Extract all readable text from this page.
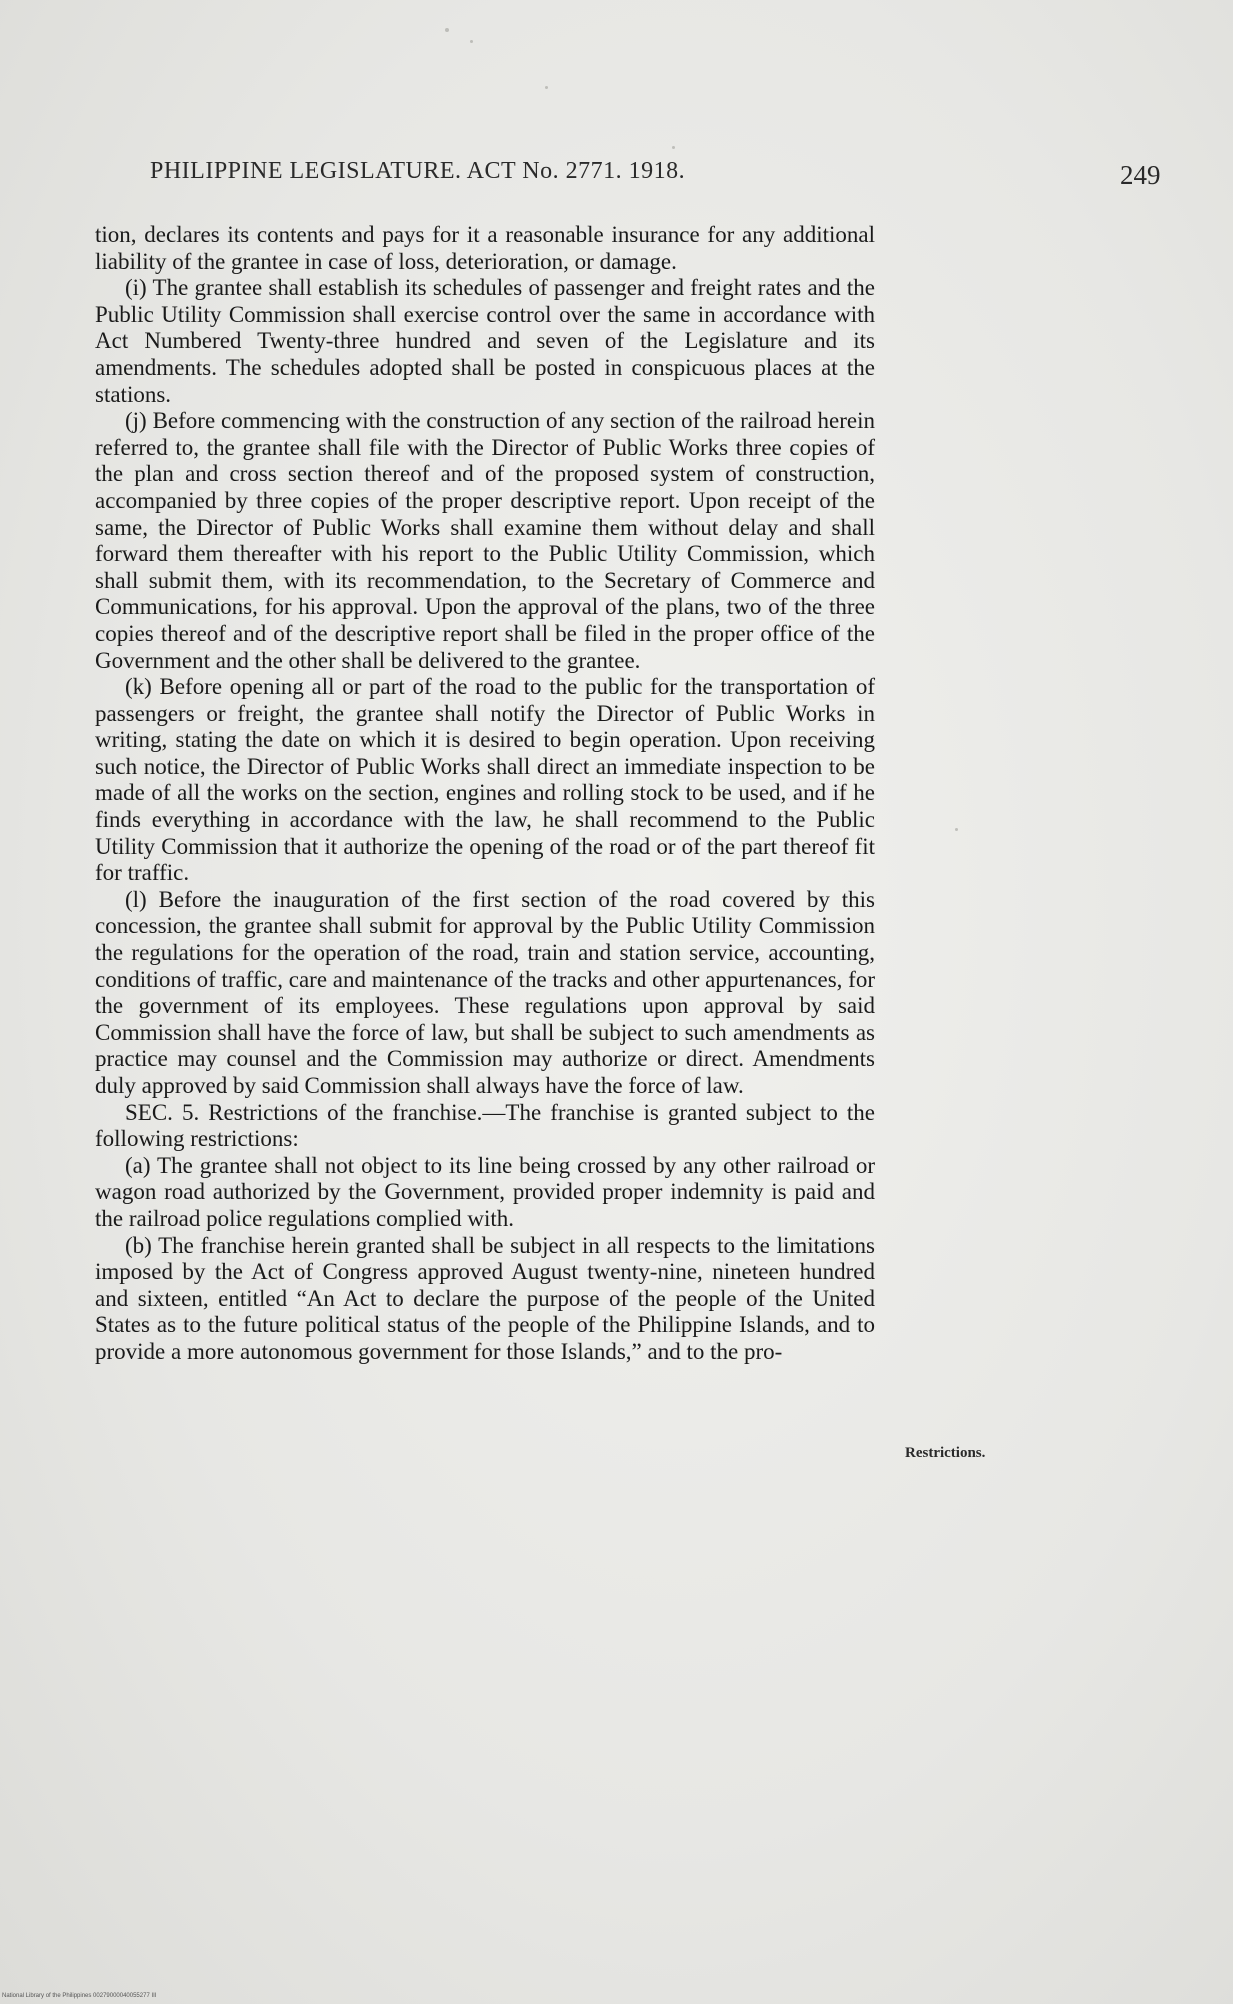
PHILIPPINE LEGISLATURE. ACT No. 2771. 1918.	249

tion, declares its contents and pays for it a reasonable insurance for any additional liability of the grantee in case of loss, deterioration, or damage.

(i) The grantee shall establish its schedules of passenger and freight rates and the Public Utility Commission shall exercise control over the same in accordance with Act Numbered Twenty-three hundred and seven of the Legislature and its amendments. The schedules adopted shall be posted in conspicuous places at the stations.

(j) Before commencing with the construction of any section of the railroad herein referred to, the grantee shall file with the Director of Public Works three copies of the plan and cross section thereof and of the proposed system of construction, accompanied by three copies of the proper descriptive report. Upon receipt of the same, the Director of Public Works shall examine them without delay and shall forward them thereafter with his report to the Public Utility Commission, which shall submit them, with its recommendation, to the Secretary of Commerce and Communications, for his approval. Upon the approval of the plans, two of the three copies thereof and of the descriptive report shall be filed in the proper office of the Government and the other shall be delivered to the grantee.

(k) Before opening all or part of the road to the public for the transportation of passengers or freight, the grantee shall notify the Director of Public Works in writing, stating the date on which it is desired to begin operation. Upon receiving such notice, the Director of Public Works shall direct an immediate inspection to be made of all the works on the section, engines and rolling stock to be used, and if he finds everything in accordance with the law, he shall recommend to the Public Utility Commission that it authorize the opening of the road or of the part thereof fit for traffic.

(l) Before the inauguration of the first section of the road covered by this concession, the grantee shall submit for approval by the Public Utility Commission the regulations for the operation of the road, train and station service, accounting, conditions of traffic, care and maintenance of the tracks and other appurtenances, for the government of its employees. These regulations upon approval by said Commission shall have the force of law, but shall be subject to such amendments as practice may counsel and the Commission may authorize or direct. Amendments duly approved by said Commission shall always have the force of law.

SEC. 5. Restrictions of the franchise.—The franchise is granted subject to the following restrictions:

(a) The grantee shall not object to its line being crossed by any other railroad or wagon road authorized by the Government, provided proper indemnity is paid and the railroad police regulations complied with.

(b) The franchise herein granted shall be subject in all respects to the limitations imposed by the Act of Congress approved August twenty-nine, nineteen hundred and sixteen, entitled “An Act to declare the purpose of the people of the United States as to the future political status of the people of the Philippine Islands, and to provide a more autonomous government for those Islands,” and to the pro-

Restrictions.
National Library of the Philippines 00279000040055277 III
